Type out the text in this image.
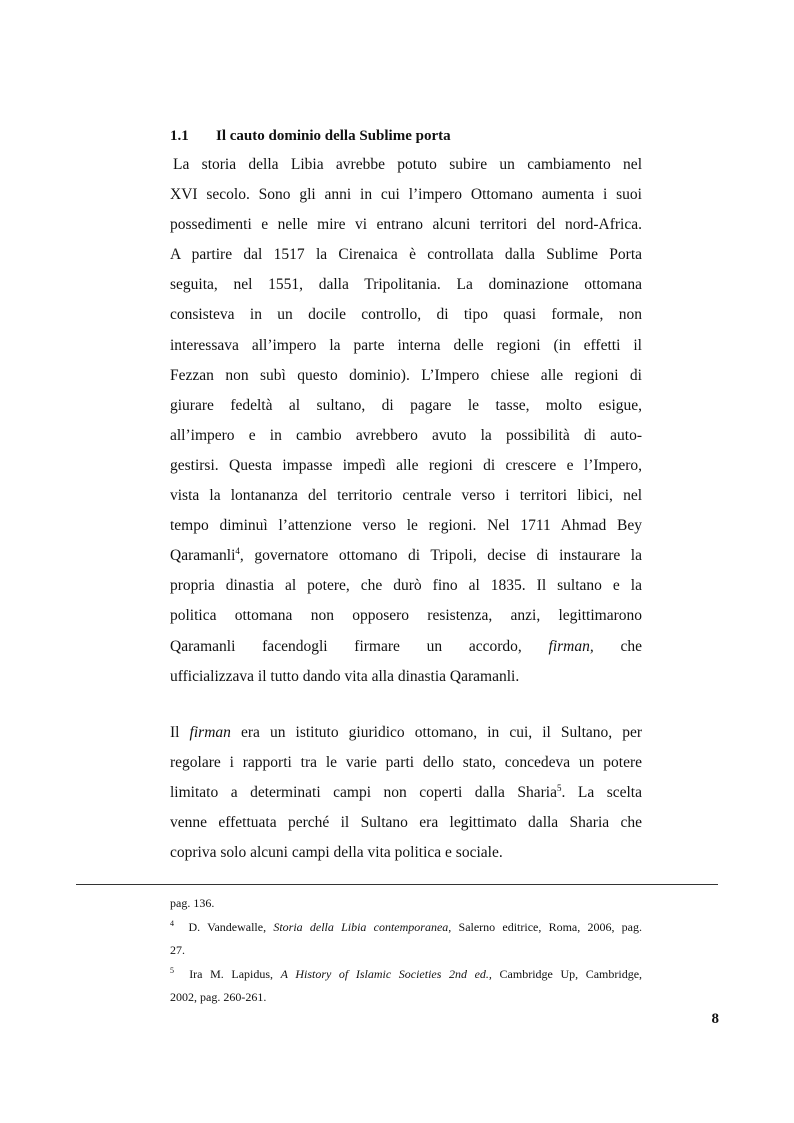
1.1 Il cauto dominio della Sublime porta
La storia della Libia avrebbe potuto subire un cambiamento nel
XVI secolo. Sono gli anni in cui l’impero Ottomano aumenta i suoi
possedimenti e nelle mire vi entrano alcuni territori del nord-Africa.
A partire dal 1517 la Cirenaica è controllata dalla Sublime Porta
seguita, nel 1551, dalla Tripolitania. La dominazione ottomana
consisteva in un docile controllo, di tipo quasi formale, non
interessava all’impero la parte interna delle regioni (in effetti il
Fezzan non subì questo dominio). L’Impero chiese alle regioni di
giurare fedeltà al sultano, di pagare le tasse, molto esigue,
all’impero e in cambio avrebbero avuto la possibilità di auto-
gestirsi. Questa impasse impedì alle regioni di crescere e l’Impero,
vista la lontananza del territorio centrale verso i territori libici, nel
tempo diminuì l’attenzione verso le regioni. Nel 1711 Ahmad Bey
Qaramanli$^4$, governatore ottomano di Tripoli, decise di instaurare la
propria dinastia al potere, che durò fino al 1835. Il sultano e la
politica ottomana non opposero resistenza, anzi, legittimarono
Qaramanli facendogli firmare un accordo, firman, che
ufficializzava il tutto dando vita alla dinastia Qaramanli.
Il firman era un istituto giuridico ottomano, in cui, il Sultano, per
regolare i rapporti tra le varie parti dello stato, concedeva un potere
limitato a determinati campi non coperti dalla Sharia$^5$. La scelta
venne effettuata perché il Sultano era legittimato dalla Sharia che
copriva solo alcuni campi della vita politica e sociale.
pag. 136.
$^4$ D. Vandewalle, Storia della Libia contemporanea, Salerno editrice, Roma, 2006, pag.
27.
$^5$ Ira M. Lapidus, A History of Islamic Societies 2nd ed., Cambridge Up, Cambridge,
2002, pag. 260-261.
8
